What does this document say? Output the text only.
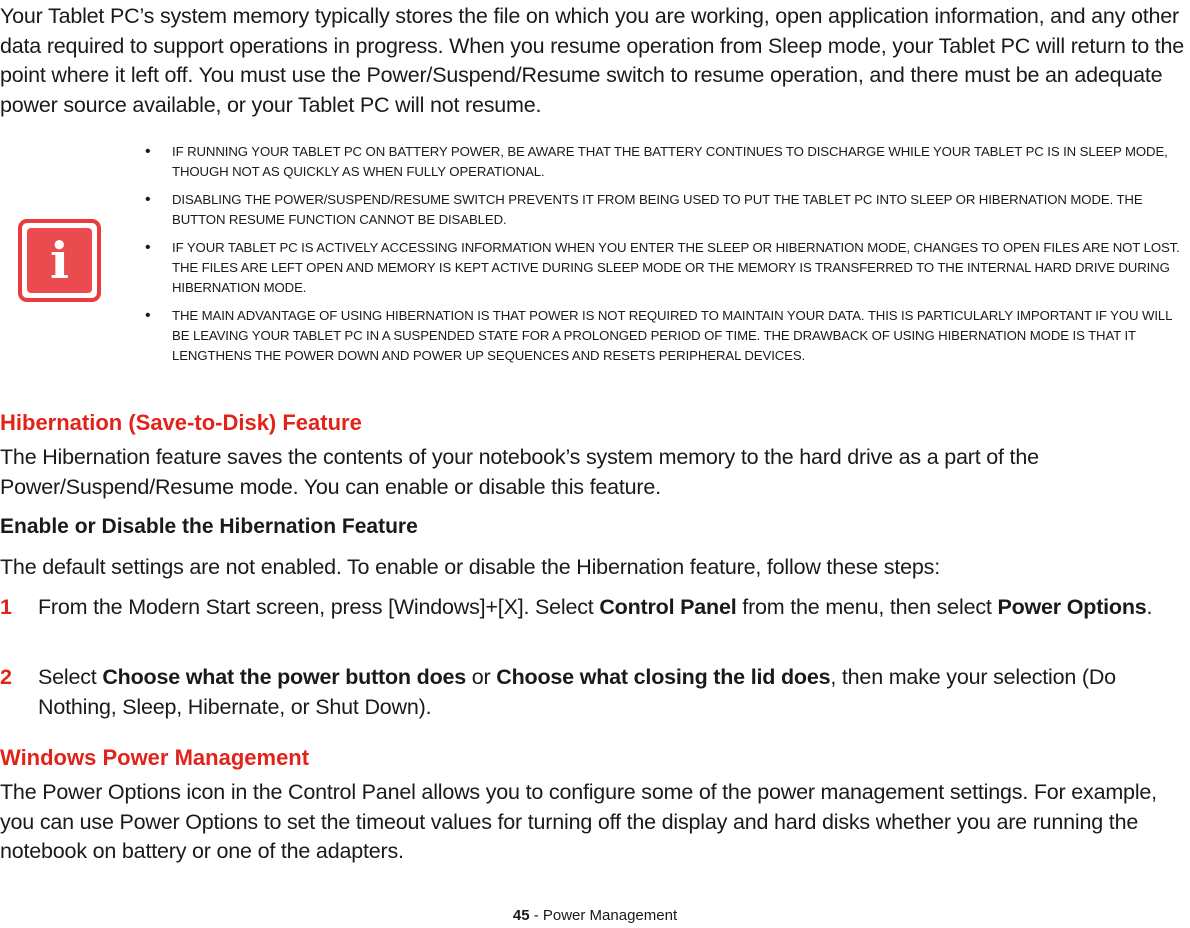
Your Tablet PC’s system memory typically stores the file on which you are working, open application information, and any other data required to support operations in progress. When you resume operation from Sleep mode, your Tablet PC will return to the point where it left off. You must use the Power/Suspend/Resume switch to resume operation, and there must be an adequate power source available, or your Tablet PC will not resume.

i
• IF RUNNING YOUR TABLET PC ON BATTERY POWER, BE AWARE THAT THE BATTERY CONTINUES TO DISCHARGE WHILE YOUR TABLET PC IS IN SLEEP MODE, THOUGH NOT AS QUICKLY AS WHEN FULLY OPERATIONAL.
• DISABLING THE POWER/SUSPEND/RESUME SWITCH PREVENTS IT FROM BEING USED TO PUT THE TABLET PC INTO SLEEP OR HIBERNATION MODE. THE BUTTON RESUME FUNCTION CANNOT BE DISABLED.
• IF YOUR TABLET PC IS ACTIVELY ACCESSING INFORMATION WHEN YOU ENTER THE SLEEP OR HIBERNATION MODE, CHANGES TO OPEN FILES ARE NOT LOST. THE FILES ARE LEFT OPEN AND MEMORY IS KEPT ACTIVE DURING SLEEP MODE OR THE MEMORY IS TRANSFERRED TO THE INTERNAL HARD DRIVE DURING HIBERNATION MODE.
• THE MAIN ADVANTAGE OF USING HIBERNATION IS THAT POWER IS NOT REQUIRED TO MAINTAIN YOUR DATA. THIS IS PARTICULARLY IMPORTANT IF YOU WILL BE LEAVING YOUR TABLET PC IN A SUSPENDED STATE FOR A PROLONGED PERIOD OF TIME. THE DRAWBACK OF USING HIBERNATION MODE IS THAT IT LENGTHENS THE POWER DOWN AND POWER UP SEQUENCES AND RESETS PERIPHERAL DEVICES.
Hibernation (Save-to-Disk) Feature

The Hibernation feature saves the contents of your notebook’s system memory to the hard drive as a part of the Power/Suspend/Resume mode. You can enable or disable this feature.

Enable or Disable the Hibernation Feature

The default settings are not enabled. To enable or disable the Hibernation feature, follow these steps:

1 From the Modern Start screen, press [Windows]+[X]. Select Control Panel from the menu, then select Power Options.
2 Select Choose what the power button does or Choose what closing the lid does, then make your selection (Do Nothing, Sleep, Hibernate, or Shut Down).
Windows Power Management

The Power Options icon in the Control Panel allows you to configure some of the power management settings. For example, you can use Power Options to set the timeout values for turning off the display and hard disks whether you are running the notebook on battery or one of the adapters.

45 - Power Management
